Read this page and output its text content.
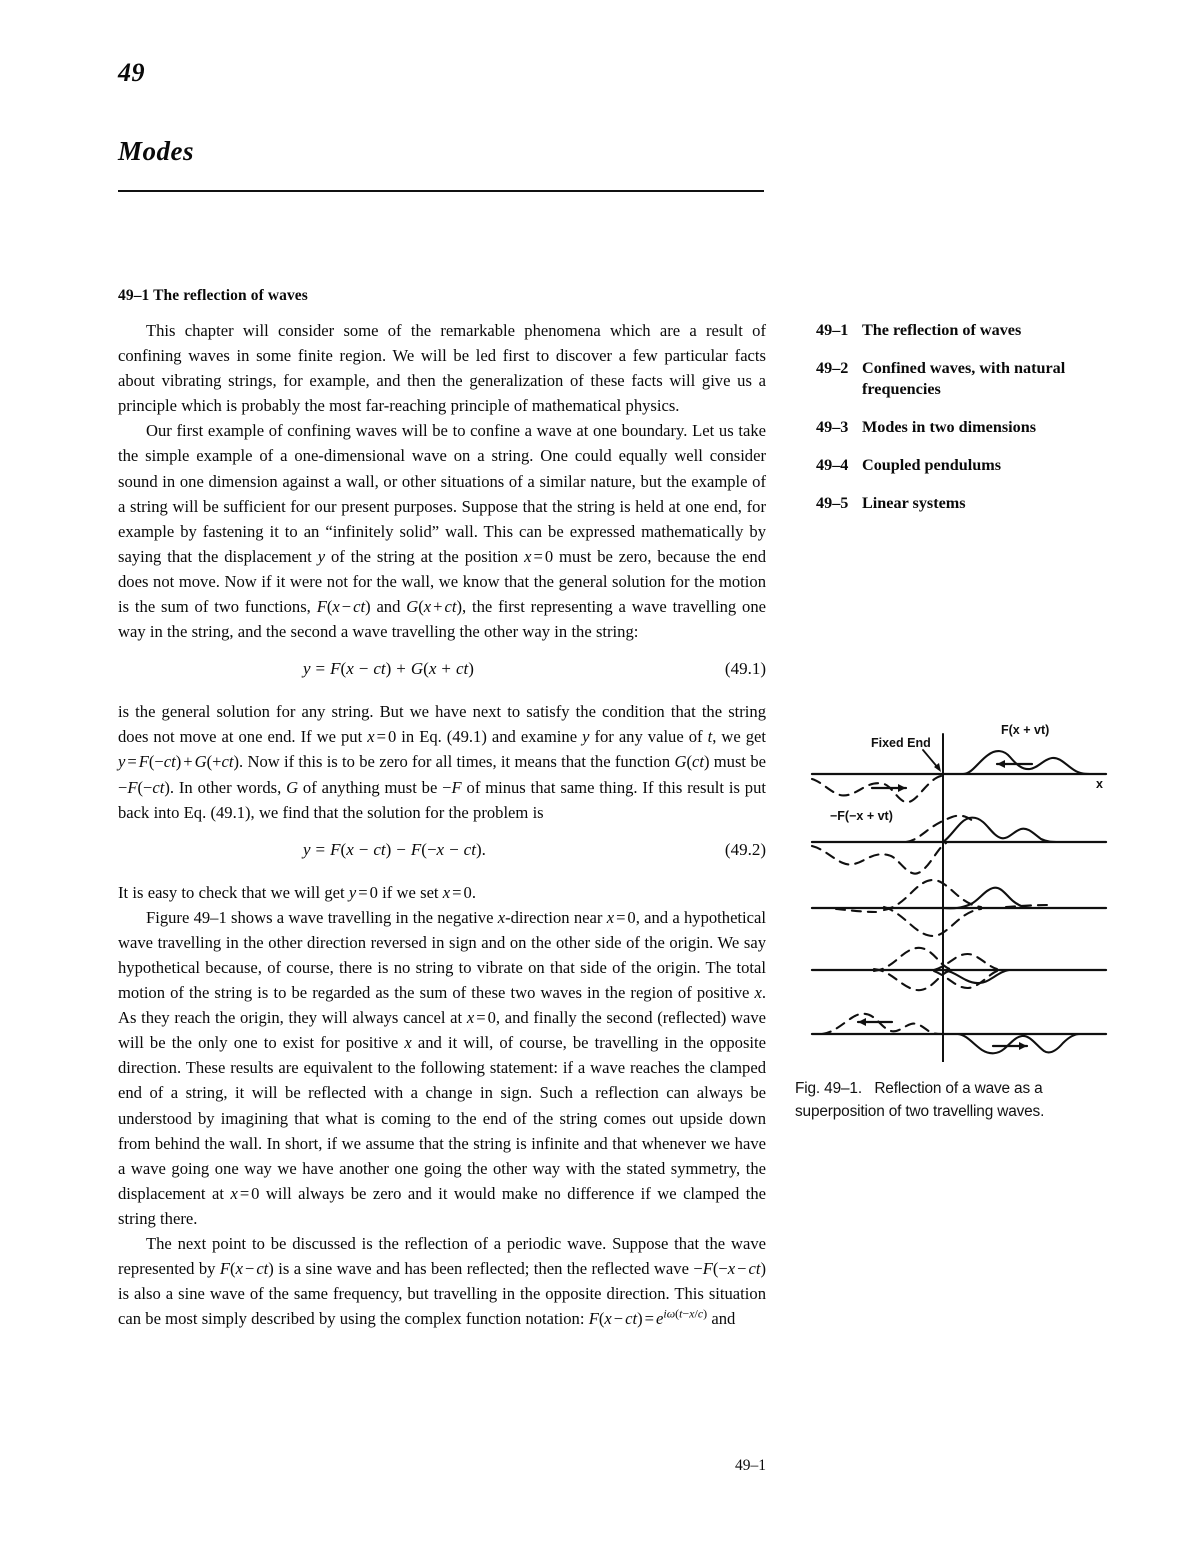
49
Modes
49–1 The reflection of waves

This chapter will consider some of the remarkable phenomena which are a result of confining waves in some finite region. We will be led first to discover a few particular facts about vibrating strings, for example, and then the generalization of these facts will give us a principle which is probably the most far-reaching principle of mathematical physics.

Our first example of confining waves will be to confine a wave at one boundary. Let us take the simple example of a one-dimensional wave on a string. One could equally well consider sound in one dimension against a wall, or other situations of a similar nature, but the example of a string will be sufficient for our present purposes. Suppose that the string is held at one end, for example by fastening it to an “infinitely solid” wall. This can be expressed mathematically by saying that the displacement y of the string at the position x = 0 must be zero, because the end does not move. Now if it were not for the wall, we know that the general solution for the motion is the sum of two functions, F(x − ct) and G(x + ct), the first representing a wave travelling one way in the string, and the second a wave travelling the other way in the string:

y = F(x − ct) + G(x + ct)	(49.1)

is the general solution for any string. But we have next to satisfy the condition that the string does not move at one end. If we put x = 0 in Eq. (49.1) and examine y for any value of t, we get y = F(−ct) + G(+ct). Now if this is to be zero for all times, it means that the function G(ct) must be −F(−ct). In other words, G of anything must be −F of minus that same thing. If this result is put back into Eq. (49.1), we find that the solution for the problem is

y = F(x − ct) − F(−x − ct).	(49.2)

It is easy to check that we will get y = 0 if we set x = 0.

Figure 49–1 shows a wave travelling in the negative x-direction near x = 0, and a hypothetical wave travelling in the other direction reversed in sign and on the other side of the origin. We say hypothetical because, of course, there is no string to vibrate on that side of the origin. The total motion of the string is to be regarded as the sum of these two waves in the region of positive x. As they reach the origin, they will always cancel at x = 0, and finally the second (reflected) wave will be the only one to exist for positive x and it will, of course, be travelling in the opposite direction. These results are equivalent to the following statement: if a wave reaches the clamped end of a string, it will be reflected with a change in sign. Such a reflection can always be understood by imagining that what is coming to the end of the string comes out upside down from behind the wall. In short, if we assume that the string is infinite and that whenever we have a wave going one way we have another one going the other way with the stated symmetry, the displacement at x = 0 will always be zero and it would make no difference if we clamped the string there.

The next point to be discussed is the reflection of a periodic wave. Suppose that the wave represented by F(x − ct) is a sine wave and has been reflected; then the reflected wave −F(−x − ct) is also a sine wave of the same frequency, but travelling in the opposite direction. This situation can be most simply described by using the complex function notation: $F(x - ct) = e^{i\omega(t-x/c)}$ and

49–1 The reflection of waves
49–2 Confined waves, with natural frequencies
49–3 Modes in two dimensions
49–4 Coupled pendulums
49–5 Linear systems
Fixed End
F(x + vt)
−F(−x + vt)
x
Fig. 49–1. Reflection of a wave as a superposition of two travelling waves.
49–1
